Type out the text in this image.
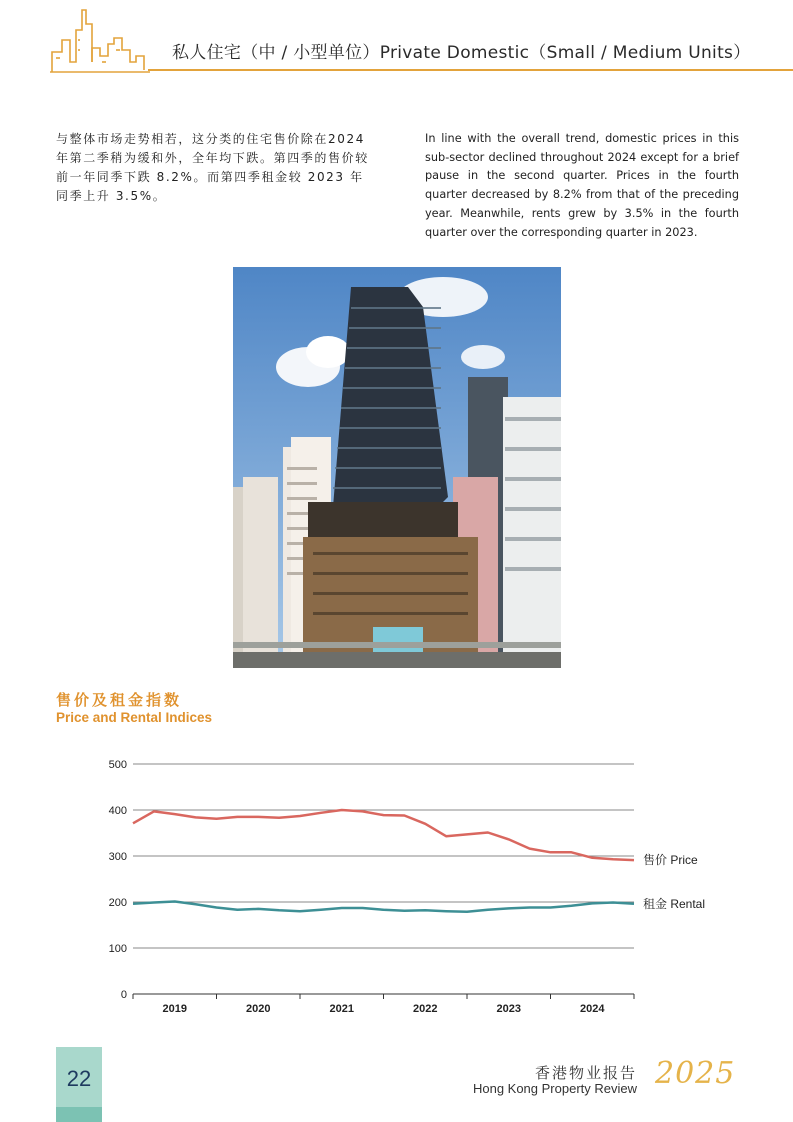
私人住宅（中 / 小型单位）Private Domestic（Small / Medium Units）
与整体市场走势相若，这分类的住宅售价除在2024年第二季稍为缓和外，全年均下跌。第四季的售价较前一年同季下跌 8.2%。而第四季租金较 2023 年同季上升 3.5%。
In line with the overall trend, domestic prices in this sub-sector declined throughout 2024 except for a brief pause in the second quarter. Prices in the fourth quarter decreased by 8.2% from that of the preceding year. Meanwhile, rents grew by 3.5% in the fourth quarter over the corresponding quarter in 2023.
售价及租金指数
Price and Rental Indices
0
100
200
300
400
500
2019	2020	2021	2022	2023	2024
售价 Price
租金 Rental
22	香港物业报告
Hong Kong Property Review 2025
